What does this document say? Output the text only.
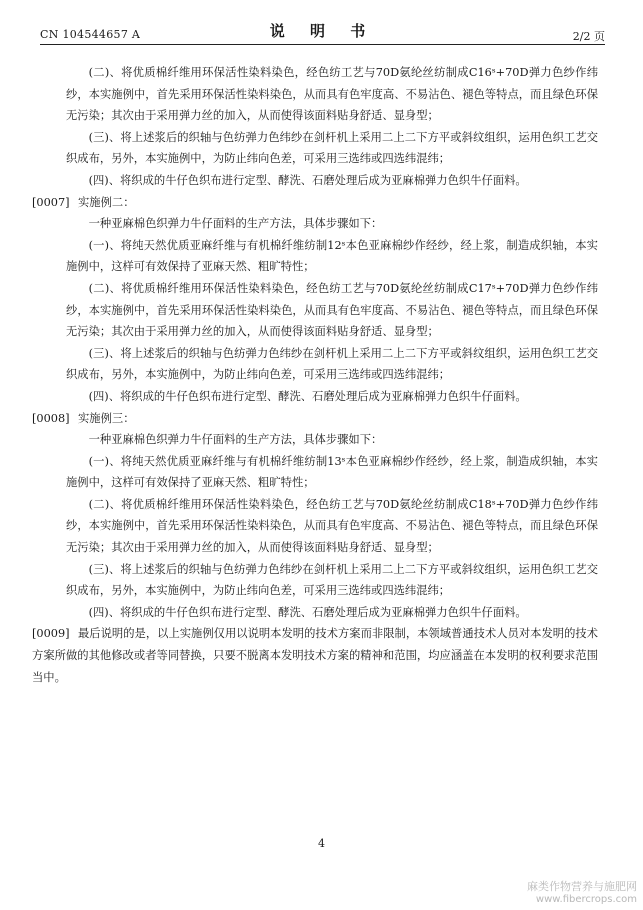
CN 104544657 A	说 明 书	2/2 页

(二)、将优质棉纤维用环保活性染料染色，经色纺工艺与70D氨纶丝纺制成C16ˢ+70D弹力色纱作纬纱，本实施例中，首先采用环保活性染料染色，从而具有色牢度高、不易沾色、褪色等特点，而且绿色环保无污染；其次由于采用弹力丝的加入，从而使得该面料贴身舒适、显身型；

(三)、将上述浆后的织轴与色纺弹力色纬纱在剑杆机上采用二上二下方平或斜纹组织，运用色织工艺交织成布，另外，本实施例中，为防止纬向色差，可采用三选纬或四选纬混纬；

(四)、将织成的牛仔色织布进行定型、酵洗、石磨处理后成为亚麻棉弹力色织牛仔面料。

[0007] 实施例二：

一种亚麻棉色织弹力牛仔面料的生产方法，具体步骤如下：

(一)、将纯天然优质亚麻纤维与有机棉纤维纺制12ˢ本色亚麻棉纱作经纱，经上浆，制造成织轴，本实施例中，这样可有效保持了亚麻天然、粗旷特性；

(二)、将优质棉纤维用环保活性染料染色，经色纺工艺与70D氨纶丝纺制成C17ˢ+70D弹力色纱作纬纱，本实施例中，首先采用环保活性染料染色，从而具有色牢度高、不易沾色、褪色等特点，而且绿色环保无污染；其次由于采用弹力丝的加入，从而使得该面料贴身舒适、显身型；

(三)、将上述浆后的织轴与色纺弹力色纬纱在剑杆机上采用二上二下方平或斜纹组织，运用色织工艺交织成布，另外，本实施例中，为防止纬向色差，可采用三选纬或四选纬混纬；

(四)、将织成的牛仔色织布进行定型、酵洗、石磨处理后成为亚麻棉弹力色织牛仔面料。

[0008] 实施例三：

一种亚麻棉色织弹力牛仔面料的生产方法，具体步骤如下：

(一)、将纯天然优质亚麻纤维与有机棉纤维纺制13ˢ本色亚麻棉纱作经纱，经上浆，制造成织轴，本实施例中，这样可有效保持了亚麻天然、粗旷特性；

(二)、将优质棉纤维用环保活性染料染色，经色纺工艺与70D氨纶丝纺制成C18ˢ+70D弹力色纱作纬纱，本实施例中，首先采用环保活性染料染色，从而具有色牢度高、不易沾色、褪色等特点，而且绿色环保无污染；其次由于采用弹力丝的加入，从而使得该面料贴身舒适、显身型；

(三)、将上述浆后的织轴与色纺弹力色纬纱在剑杆机上采用二上二下方平或斜纹组织，运用色织工艺交织成布，另外，本实施例中，为防止纬向色差，可采用三选纬或四选纬混纬；

(四)、将织成的牛仔色织布进行定型、酵洗、石磨处理后成为亚麻棉弹力色织牛仔面料。

[0009] 最后说明的是，以上实施例仅用以说明本发明的技术方案而非限制，本领域普通技术人员对本发明的技术方案所做的其他修改或者等同替换，只要不脱离本发明技术方案的精神和范围，均应涵盖在本发明的权利要求范围当中。

4
麻类作物营养与施肥网
www.fibercrops.com
